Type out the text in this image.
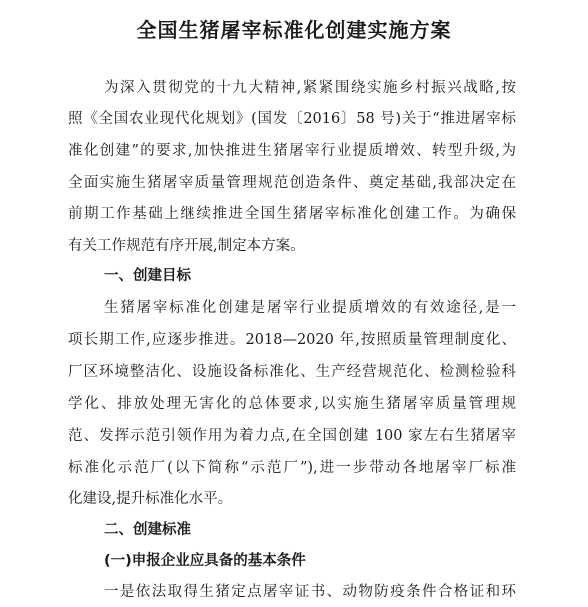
全国生猪屠宰标准化创建实施方案

为深入贯彻党的十九大精神,紧紧围绕实施乡村振兴战略,按

照《全国农业现代化规划》(国发〔2016〕58 号)关于“推进屠宰标

准化创建”的要求,加快推进生猪屠宰行业提质增效、转型升级,为

全面实施生猪屠宰质量管理规范创造条件、奠定基础,我部决定在

前期工作基础上继续推进全国生猪屠宰标准化创建工作。为确保

有关工作规范有序开展,制定本方案。

一、创建目标

生猪屠宰标准化创建是屠宰行业提质增效的有效途径,是一

项长期工作,应逐步推进。2018—2020 年,按照质量管理制度化、

厂区环境整洁化、设施设备标准化、生产经营规范化、检测检验科

学化、排放处理无害化的总体要求,以实施生猪屠宰质量管理规

范、发挥示范引领作用为着力点,在全国创建 100 家左右生猪屠宰

标准化示范厂(以下简称“示范厂”),进一步带动各地屠宰厂标准

化建设,提升标准化水平。

二、创建标准
(一)申报企业应具备的基本条件

一是依法取得生猪定点屠宰证书、动物防疫条件合格证和环
